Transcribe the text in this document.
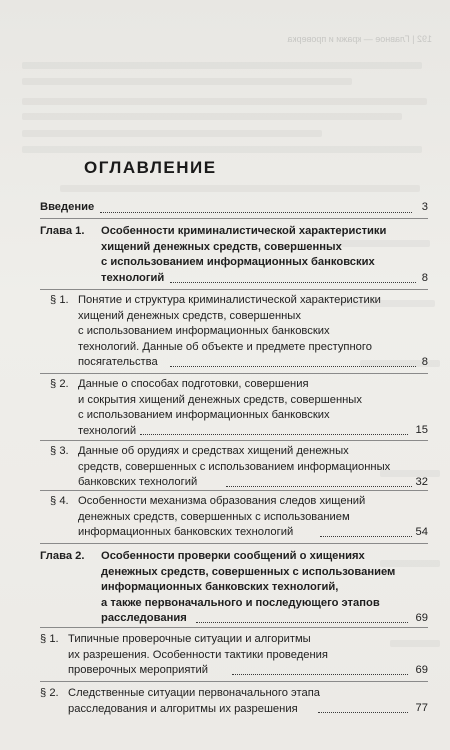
192 | Главное — кражи и проверка
ОГЛАВЛЕНИЕ
Введение	3
Глава 1. Особенности криминалистической характеристики
хищений денежных средств, совершенных
с использованием информационных банковских
технологий	8
§ 1. Понятие и структура криминалистической характеристики
хищений денежных средств, совершенных
с использованием информационных банковских
технологий. Данные об объекте и предмете преступного
посягательства	8
§ 2. Данные о способах подготовки, совершения
и сокрытия хищений денежных средств, совершенных
с использованием информационных банковских
технологий	15
§ 3. Данные об орудиях и средствах хищений денежных
средств, совершенных с использованием информационных
банковских технологий	32
§ 4. Особенности механизма образования следов хищений
денежных средств, совершенных с использованием
информационных банковских технологий	54
Глава 2. Особенности проверки сообщений о хищениях
денежных средств, совершенных с использованием
информационных банковских технологий,
а также первоначального и последующего этапов
расследования	69
§ 1. Типичные проверочные ситуации и алгоритмы
их разрешения. Особенности тактики проведения
проверочных мероприятий	69
§ 2. Следственные ситуации первоначального этапа
расследования и алгоритмы их разрешения	77
